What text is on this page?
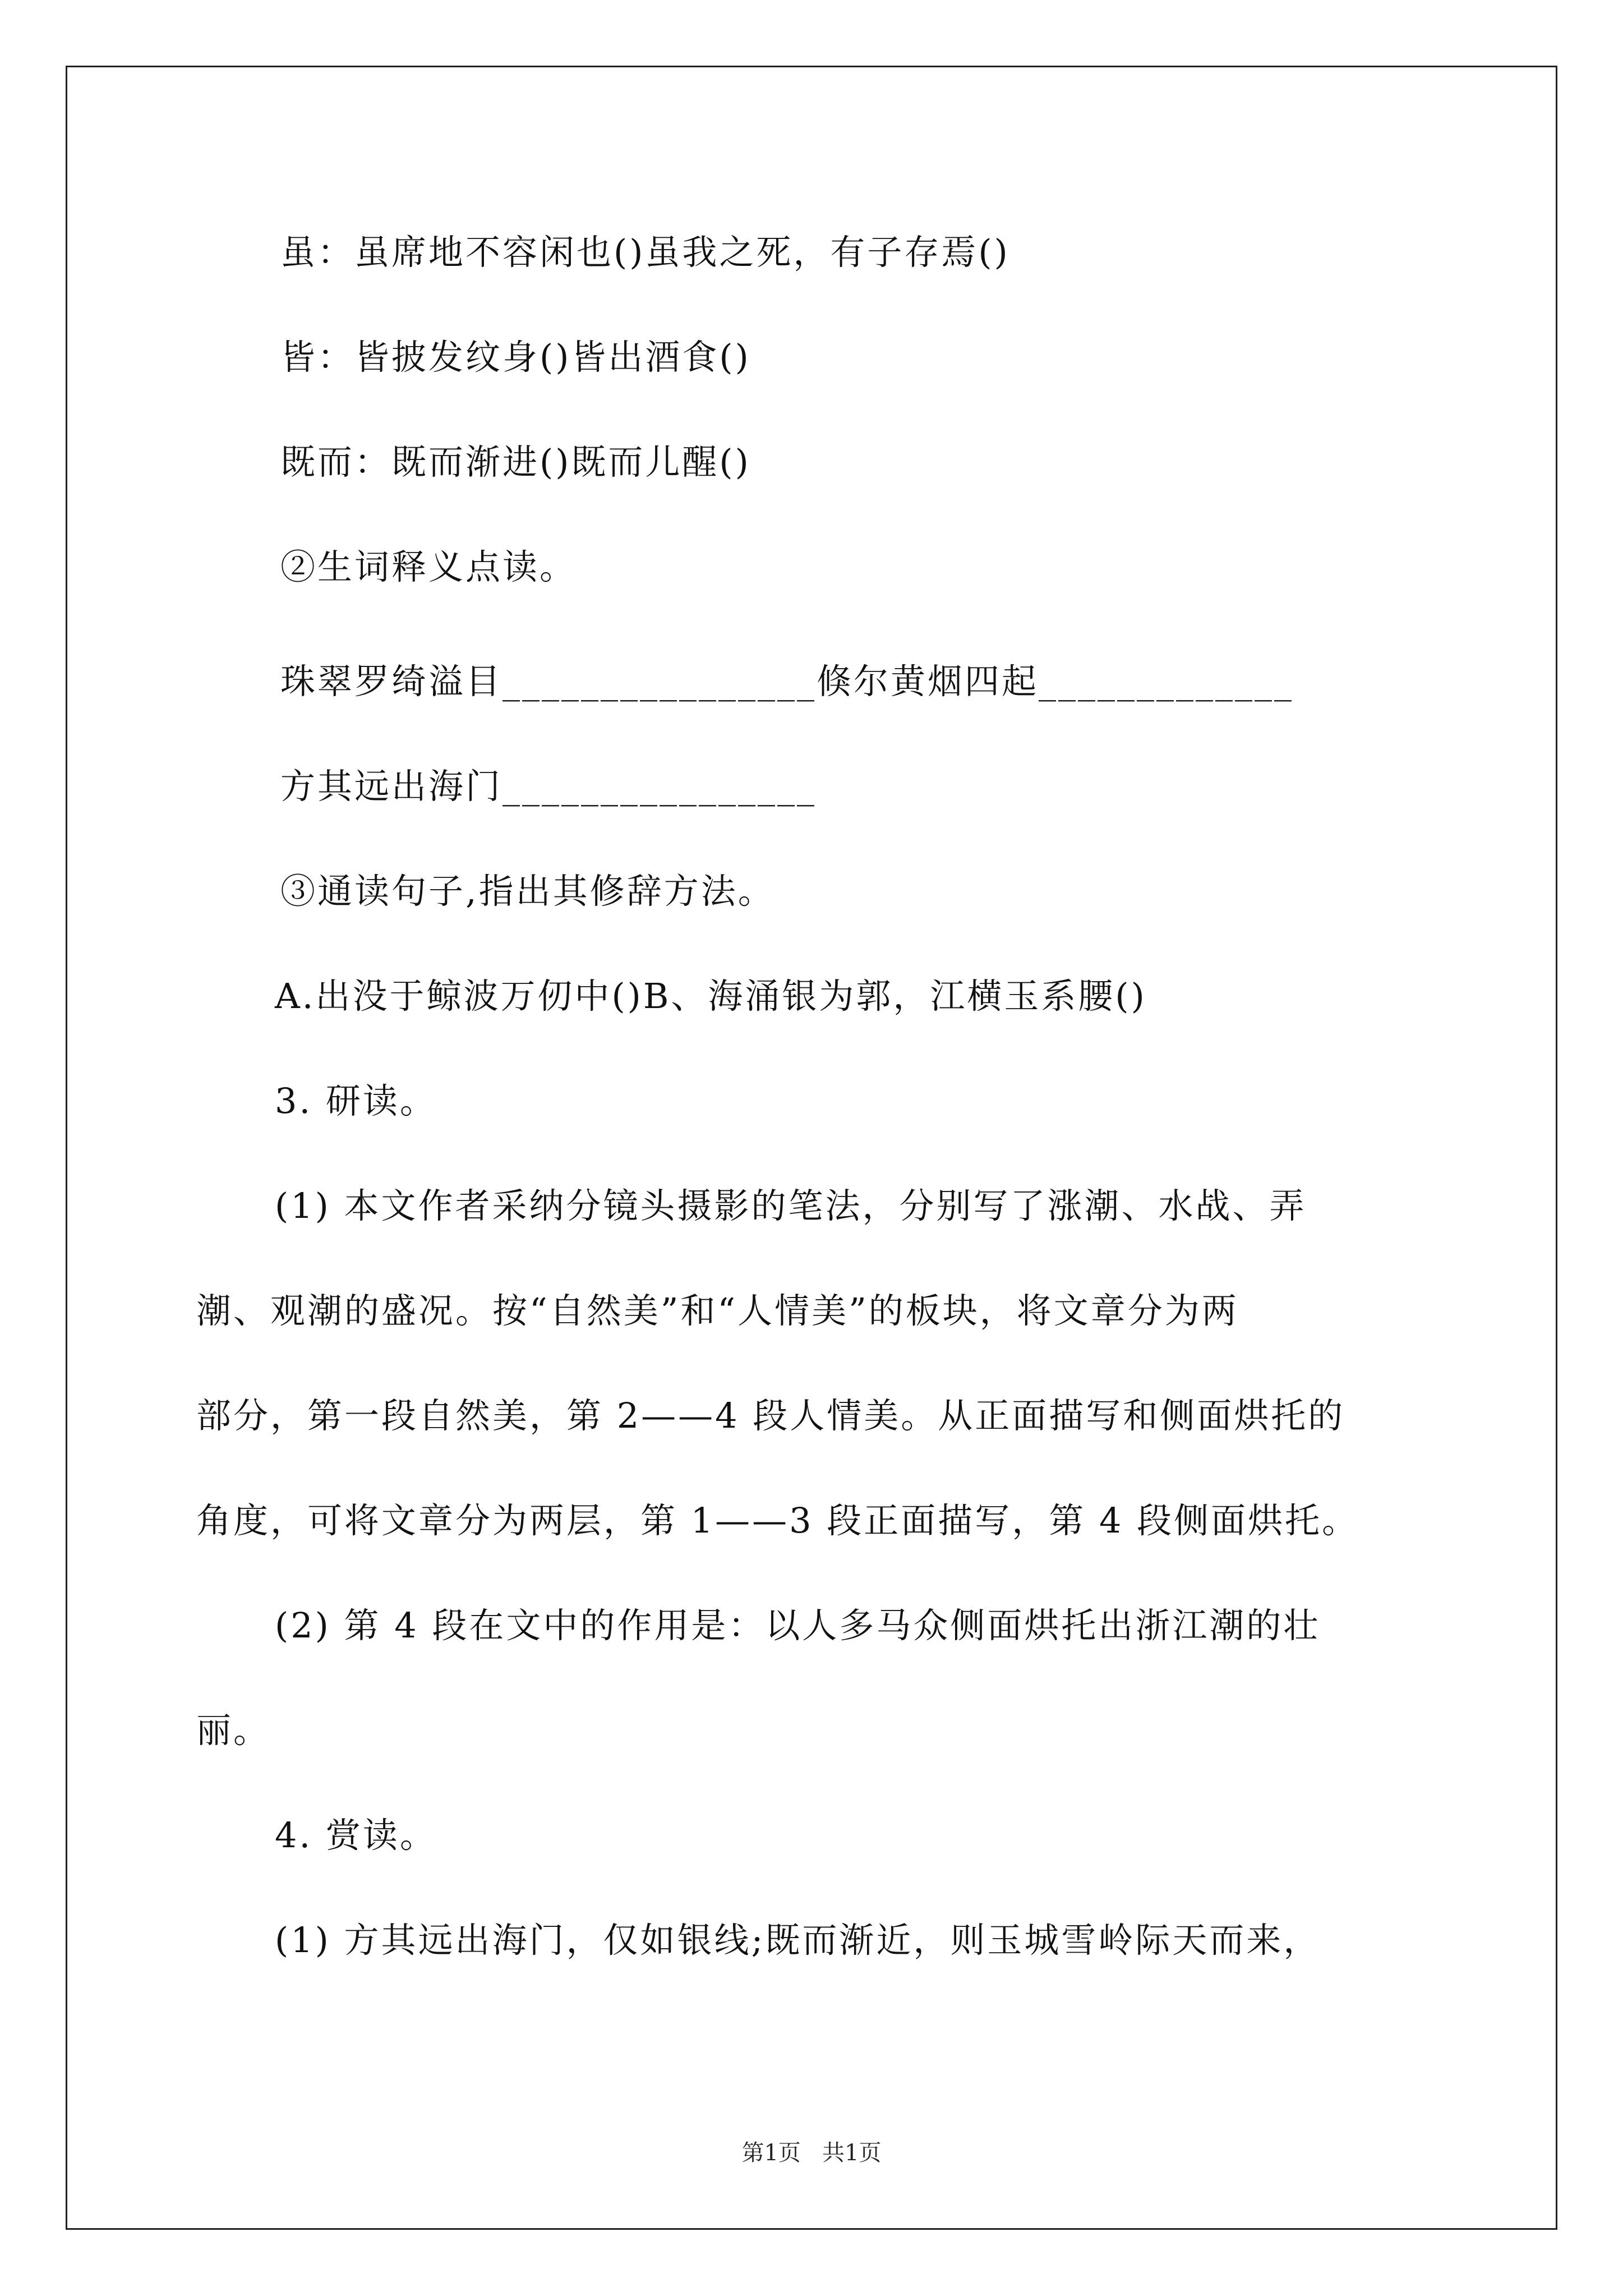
虽：虽席地不容闲也()虽我之死，有子存焉()
皆：皆披发纹身()皆出酒食()
既而：既而渐进()既而儿醒()
②生词释义点读。
珠翠罗绮溢目________________倏尔黄烟四起_____________
方其远出海门________________
③通读句子,指出其修辞方法。
A.出没于鲸波万仞中()B、海涌银为郭，江横玉系腰()
3. 研读。
(1) 本文作者采纳分镜头摄影的笔法，分别写了涨潮、水战、弄
潮、观潮的盛况。按“自然美”和“人情美”的板块，将文章分为两
部分，第一段自然美，第 2——4 段人情美。从正面描写和侧面烘托的
角度，可将文章分为两层，第 1——3 段正面描写，第 4 段侧面烘托。
(2) 第 4 段在文中的作用是：以人多马众侧面烘托出浙江潮的壮
丽。
4. 赏读。
(1) 方其远出海门，仅如银线;既而渐近，则玉城雪岭际天而来，
第1页   共1页
